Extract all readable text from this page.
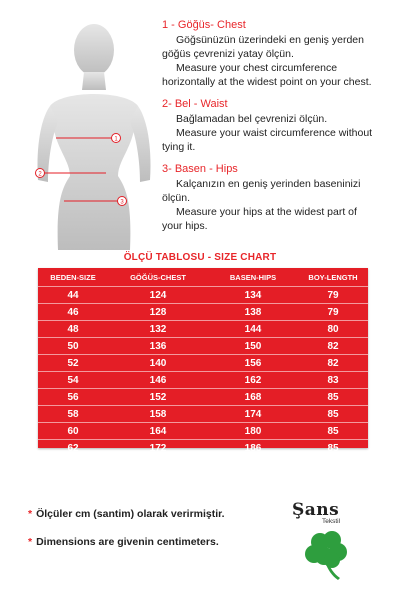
1
2
3
1 - Göğüs- Chest
Göğsünüzün üzerindeki en geniş yerden
göğüs çevrenizi yatay ölçün.
Measure your chest circumference
horizontally at the widest point on your chest.
2- Bel - Waist
Bağlamadan bel çevrenizi ölçün.
Measure your waist circumference without
tying it.
3- Basen - Hips
Kalçanızın en geniş yerinden baseninizi
ölçün.
Measure your hips at the widest part of
your hips.
ÖLÇÜ TABLOSU - SIZE CHART
BEDEN-SIZE	GÖĞÜS-CHEST	BASEN-HIPS	BOY-LENGTH
44	124	134	79
46	128	138	79
48	132	144	80
50	136	150	82
52	140	156	82
54	146	162	83
56	152	168	85
58	158	174	85
60	164	180	85
62	172	186	85
* Ölçüler cm (santim) olarak verirmiştir.
* Dimensions are givenin centimeters.
Şans
Tekstil
